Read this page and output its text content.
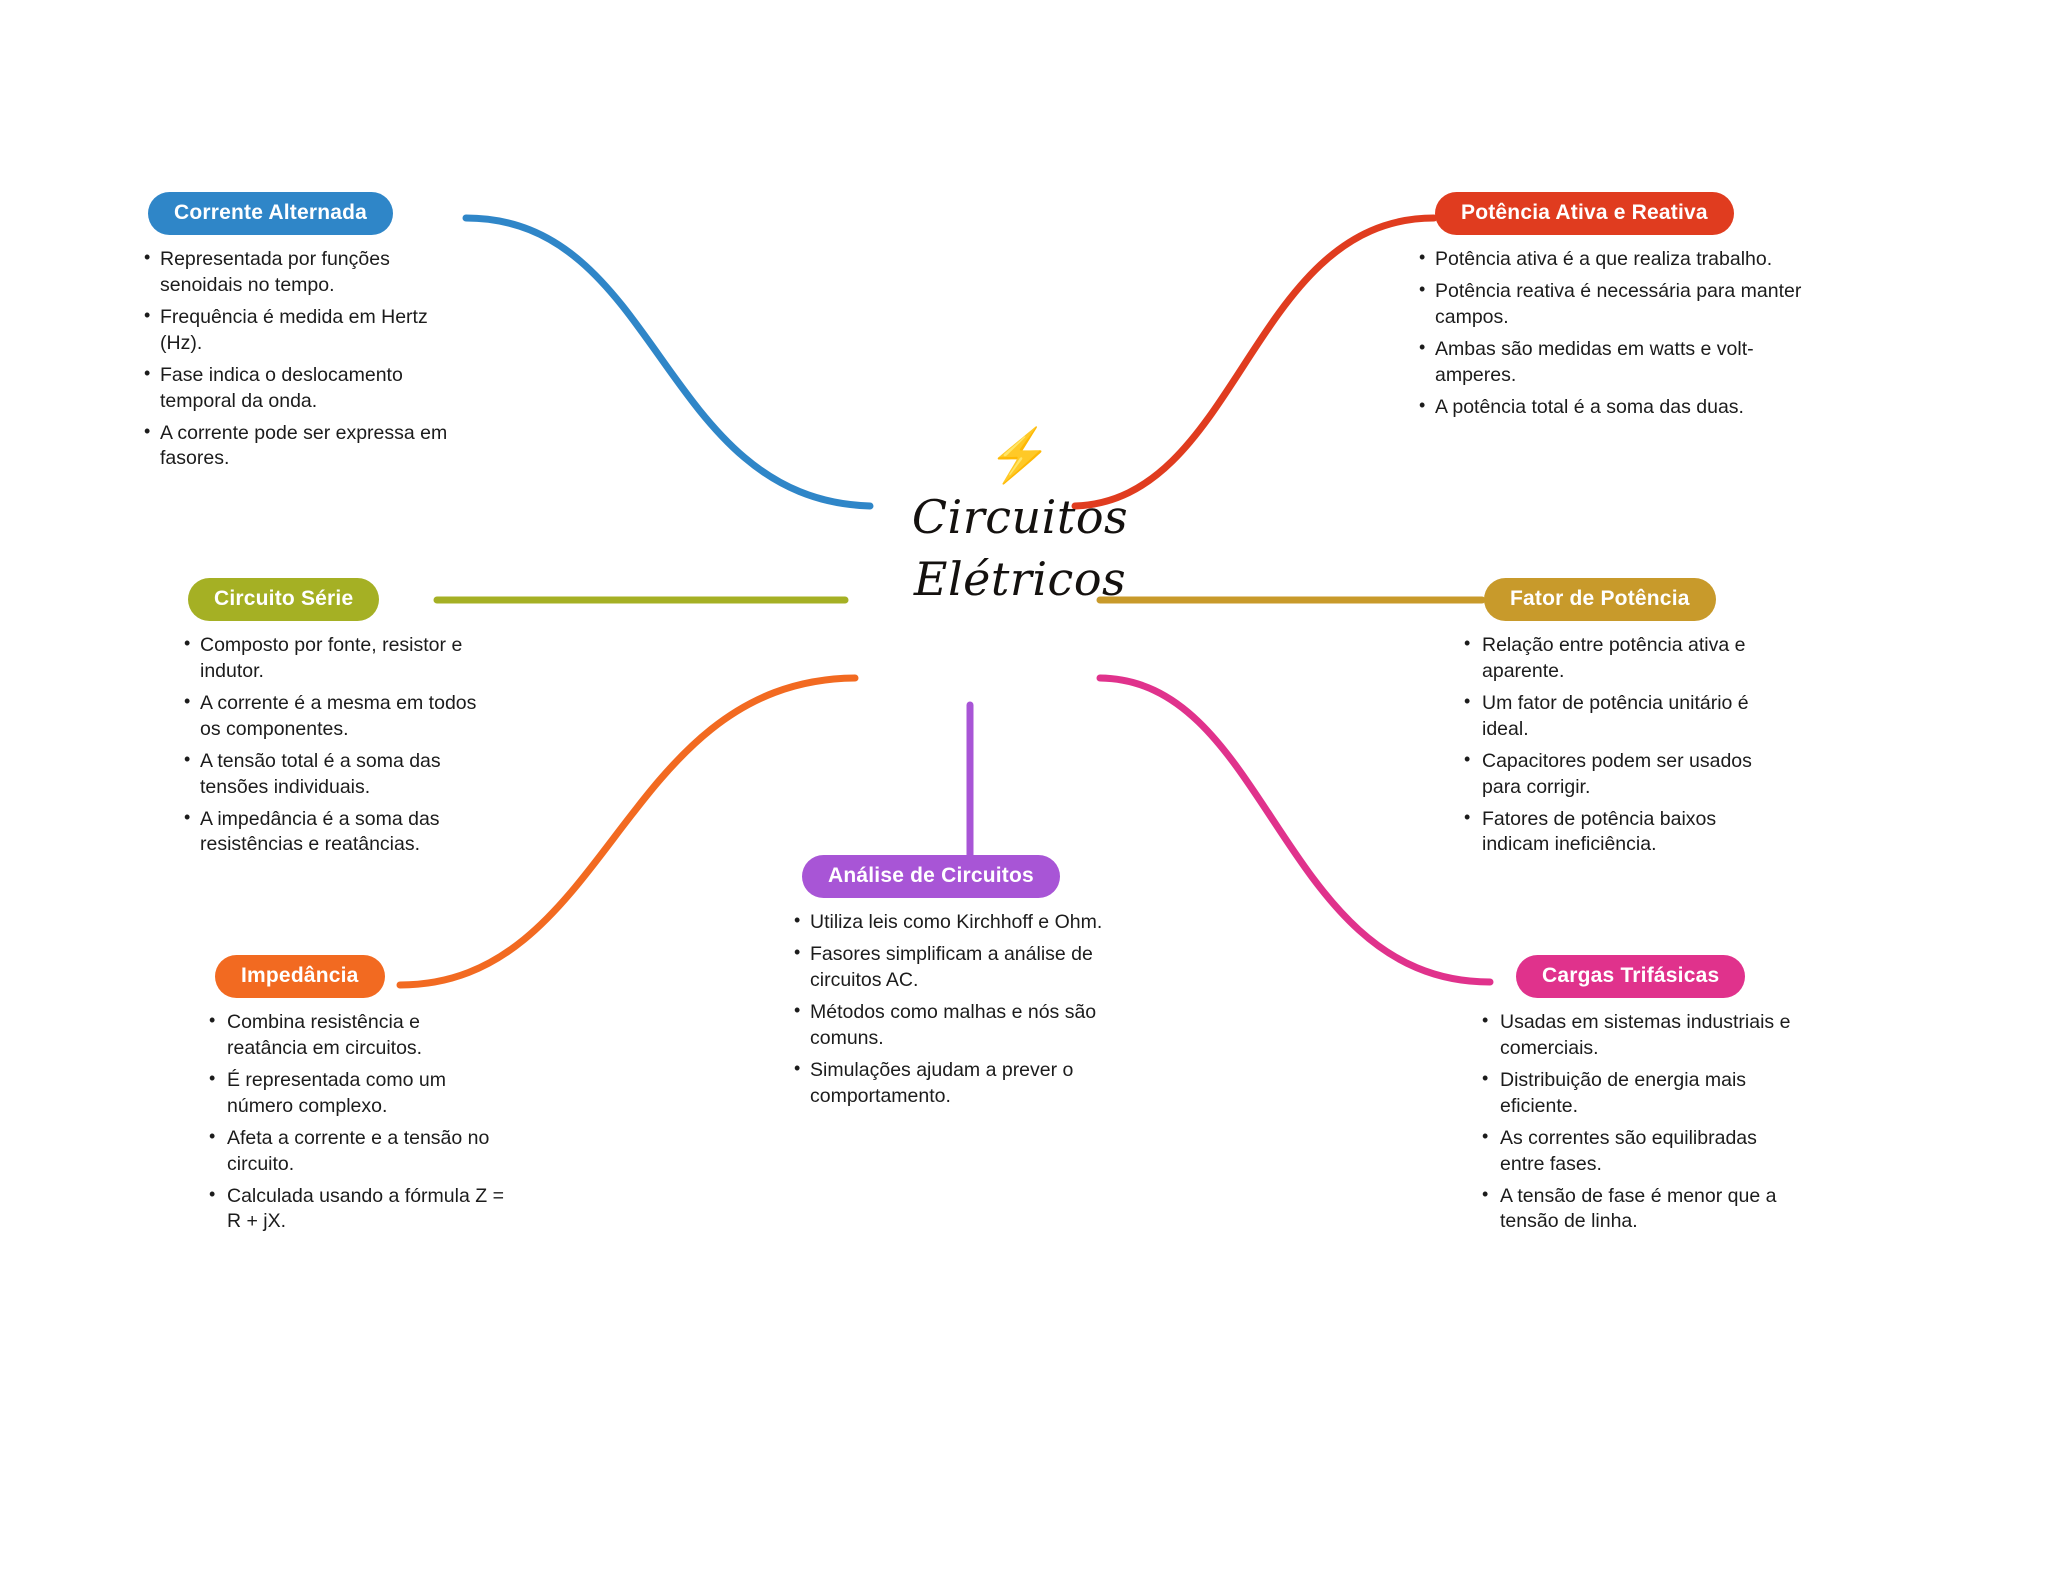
⚡
Circuitos
Elétricos
Corrente Alternada
• Representada por funções senoidais no tempo.
• Frequência é medida em Hertz (Hz).
• Fase indica o deslocamento temporal da onda.
• A corrente pode ser expressa em fasores.
Circuito Série
• Composto por fonte, resistor e indutor.
• A corrente é a mesma em todos os componentes.
• A tensão total é a soma das tensões individuais.
• A impedância é a soma das resistências e reatâncias.
Impedância
• Combina resistência e reatância em circuitos.
• É representada como um número complexo.
• Afeta a corrente e a tensão no circuito.
• Calculada usando a fórmula Z = R + jX.
Análise de Circuitos
• Utiliza leis como Kirchhoff e Ohm.
• Fasores simplificam a análise de circuitos AC.
• Métodos como malhas e nós são comuns.
• Simulações ajudam a prever o comportamento.
Potência Ativa e Reativa
• Potência ativa é a que realiza trabalho.
• Potência reativa é necessária para manter campos.
• Ambas são medidas em watts e volt-amperes.
• A potência total é a soma das duas.
Fator de Potência
• Relação entre potência ativa e aparente.
• Um fator de potência unitário é ideal.
• Capacitores podem ser usados para corrigir.
• Fatores de potência baixos indicam ineficiência.
Cargas Trifásicas
• Usadas em sistemas industriais e comerciais.
• Distribuição de energia mais eficiente.
• As correntes são equilibradas entre fases.
• A tensão de fase é menor que a tensão de linha.
